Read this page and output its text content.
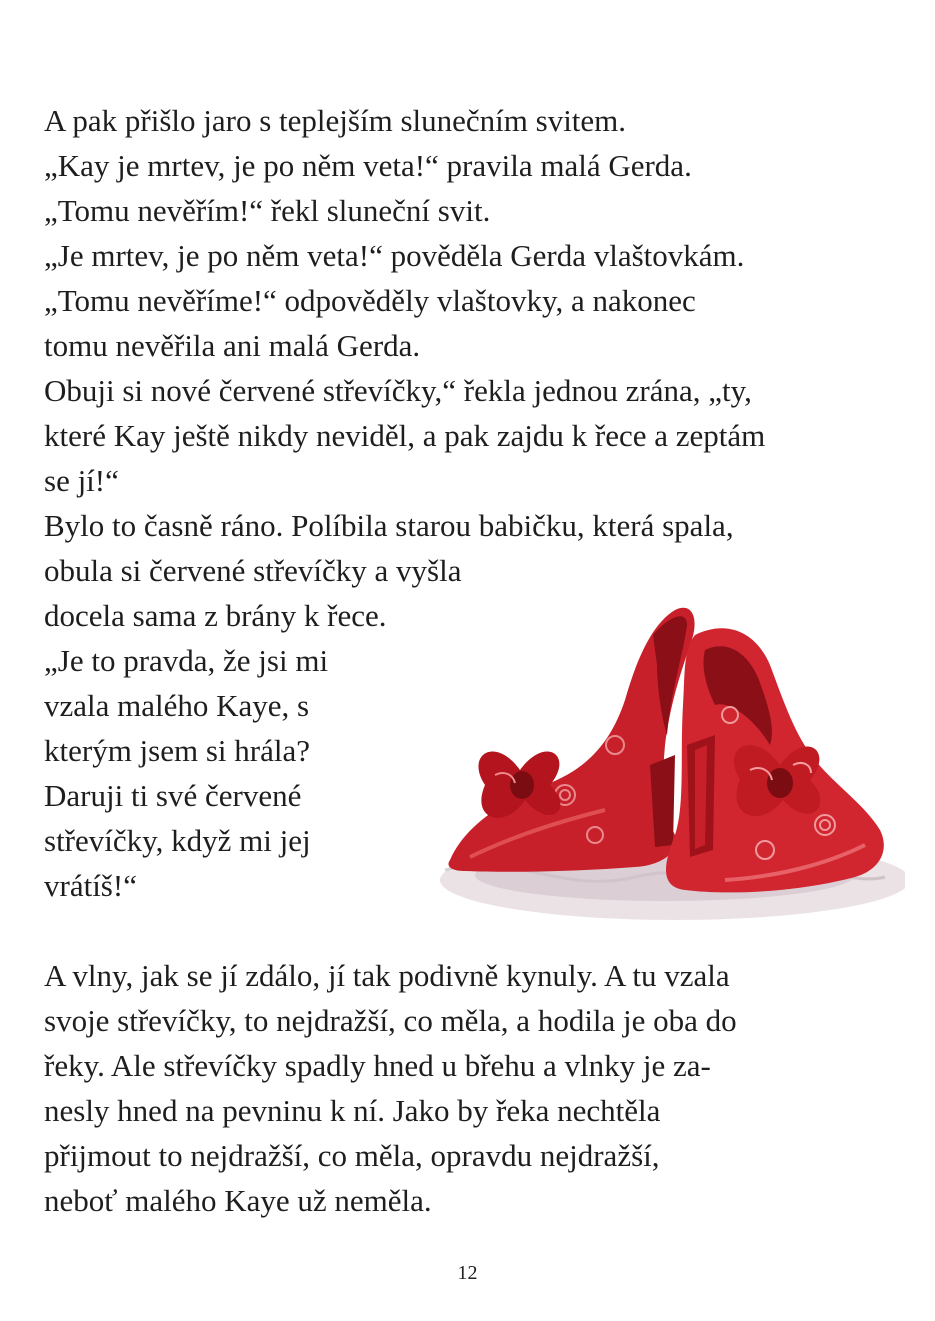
A pak přišlo jaro s teplejším slunečním svitem.

„Kay je mrtev, je po něm veta!“ pravila malá Gerda.

„Tomu nevěřím!“ řekl sluneční svit.

„Je mrtev, je po něm veta!“ pověděla Gerda vlaštovkám.

„Tomu nevěříme!“ odpověděly vlaštovky, a nakonec

tomu nevěřila ani malá Gerda.

Obuji si nové červené střevíčky,“ řekla jednou zrána, „ty,

které Kay ještě nikdy neviděl, a pak zajdu k řece a zeptám

se jí!“

Bylo to časně ráno. Políbila starou babičku, která spala,

obula si červené střevíčky a vyšla

docela sama z brány k řece.

„Je to pravda, že jsi mi

vzala malého Kaye, s

kterým jsem si hrála?

Daruji ti své červené

střevíčky, když mi jej

vrátíš!“

A vlny, jak se jí zdálo, jí tak podivně kynuly. A tu vzala

svoje střevíčky, to nejdražší, co měla, a hodila je oba do

řeky. Ale střevíčky spadly hned u břehu a vlnky je za-

nesly hned na pevninu k ní. Jako by řeka nechtěla

přijmout to nejdražší, co měla, opravdu nejdražší,

neboť malého Kaye už neměla.

12
